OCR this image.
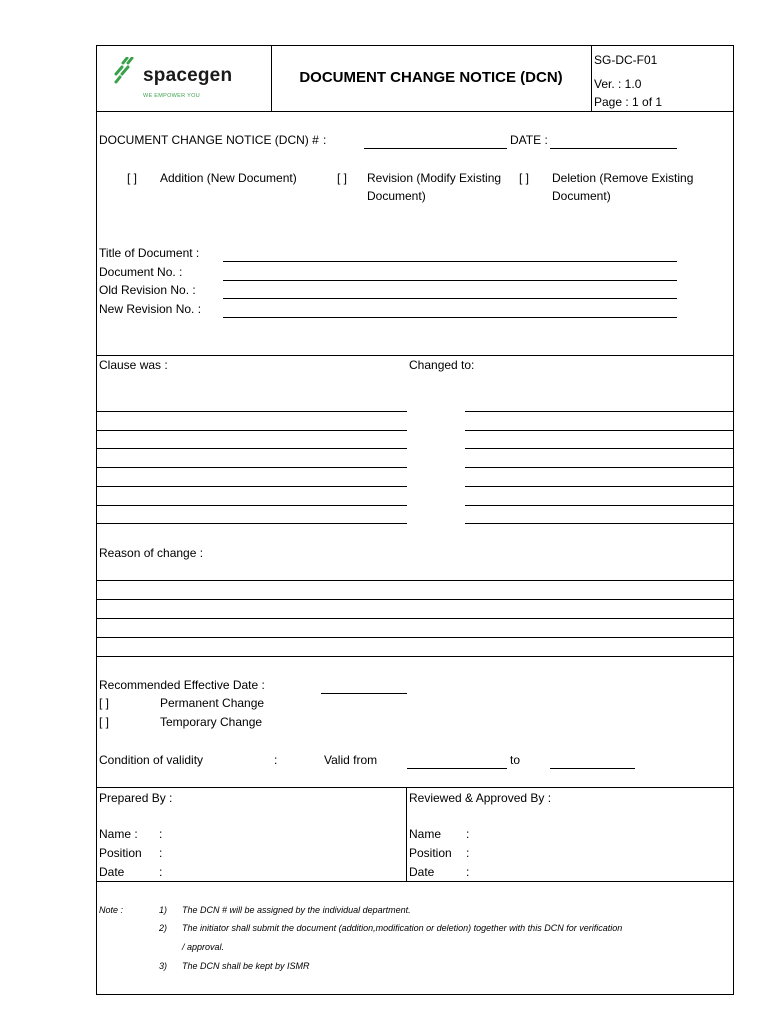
spacegen
WE EMPOWER YOU
DOCUMENT CHANGE NOTICE (DCN)
SG-DC-F01
Ver. : 1.0
Page : 1 of 1
DOCUMENT CHANGE NOTICE (DCN) # :	DATE :
[ ] Addition (New Document)	[ ] Revision (Modify Existing
Document)
[ ] Deletion (Remove Existing
Document)
Title of Document :
Document No. :
Old Revision No. :
New Revision No. :
Clause was :	Changed to:
Reason of change :
Recommended Effective Date :
[ ]	Permanent Change
[ ]	Temporary Change
Condition of validity	:	Valid from	to
Prepared By :
Name : :
Position :
Date	:
Reviewed & Approved By :
Name :
Position :
Date	:
Note :	1) The DCN # will be assigned by the individual department.
2) The initiator shall submit the document (addition,modification or deletion) together with this DCN for verification
/ approval.
3) The DCN shall be kept by ISMR
